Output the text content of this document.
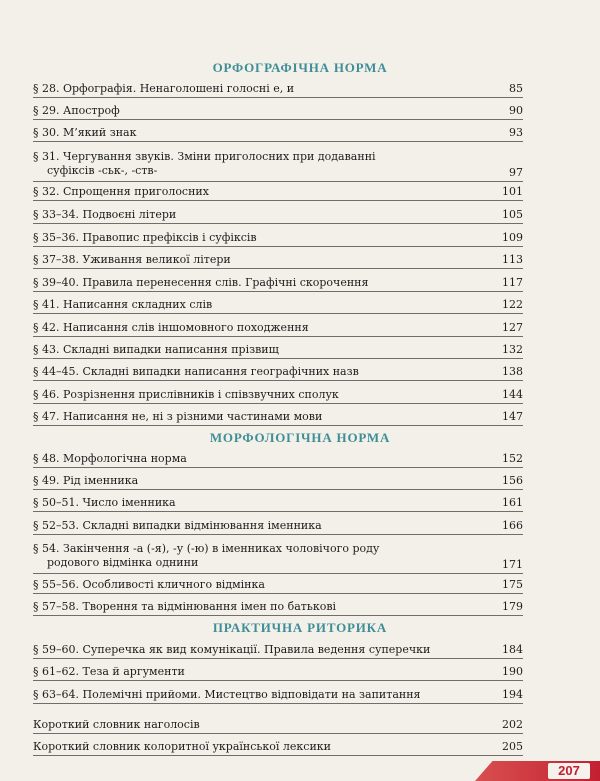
ОРФОГРАФІЧНА НОРМА
§ 28. Орфографія. Ненаголошені голосні е, и	85
§ 29. Апостроф	90
§ 30. М’який знак	93
§ 31. Чергування звуків. Зміни приголосних при додаванні
суфіксів -ськ-, -ств-	97
§ 32. Спрощення приголосних	101
§ 33–34. Подвоєні літери	105
§ 35–36. Правопис префіксів і суфіксів	109
§ 37–38. Уживання великої літери	113
§ 39–40. Правила перенесення слів. Графічні скорочення	117
§ 41. Написання складних слів	122
§ 42. Написання слів іншомовного походження	127
§ 43. Складні випадки написання прізвищ	132
§ 44–45. Складні випадки написання географічних назв	138
§ 46. Розрізнення прислівників і співзвучних сполук	144
§ 47. Написання не, ні з різними частинами мови	147
МОРФОЛОГІЧНА НОРМА
§ 48. Морфологічна норма	152
§ 49. Рід іменника	156
§ 50–51. Число іменника	161
§ 52–53. Складні випадки відмінювання іменника	166
§ 54. Закінчення -а (-я), -у (-ю) в іменниках чоловічого роду
родового відмінка однини	171
§ 55–56. Особливості кличного відмінка	175
§ 57–58. Творення та відмінювання імен по батькові	179
ПРАКТИЧНА РИТОРИКА
§ 59–60. Суперечка як вид комунікації. Правила ведення суперечки	184
§ 61–62. Теза й аргументи	190
§ 63–64. Полемічні прийоми. Мистецтво відповідати на запитання	194
Короткий словник наголосів	202
Короткий словник колоритної української лексики	205
207
